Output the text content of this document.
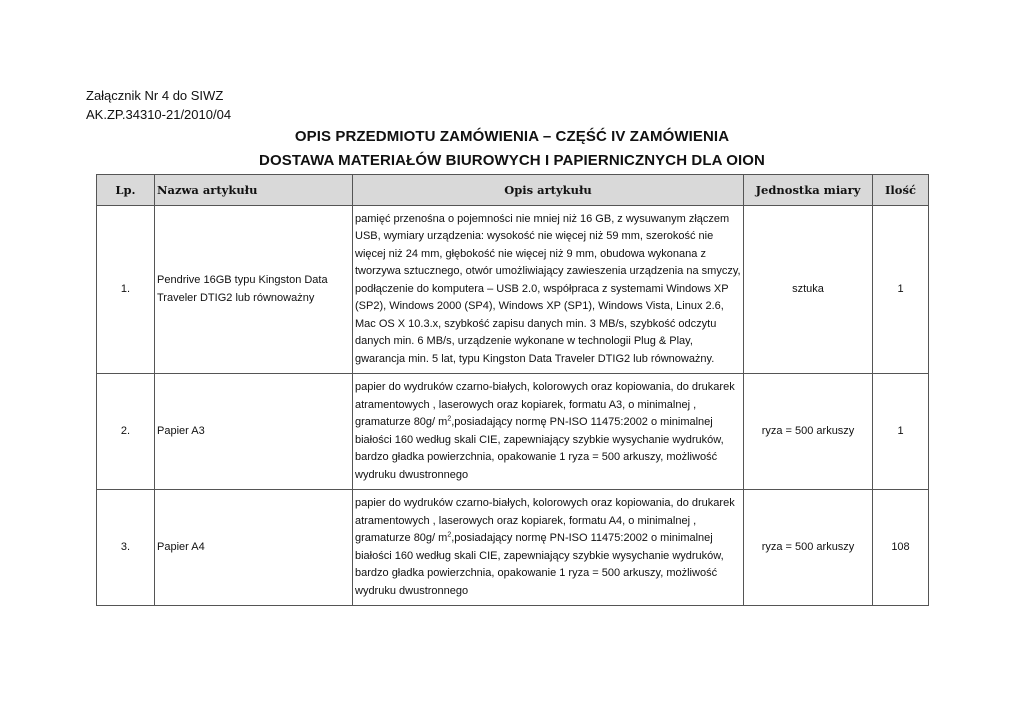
Załącznik Nr 4 do SIWZ
AK.ZP.34310-21/2010/04
OPIS PRZEDMIOTU ZAMÓWIENIA – CZĘŚĆ IV ZAMÓWIENIA
DOSTAWA MATERIAŁÓW BIUROWYCH I PAPIERNICZNYCH DLA OION
Lp.	Nazwa artykułu	Opis artykułu	Jednostka miary	Ilość
1.	Pendrive 16GB typu Kingston Data Traveler DTIG2 lub równoważny	pamięć przenośna o pojemności nie mniej niż 16 GB, z wysuwanym złączem USB, wymiary urządzenia: wysokość nie więcej niż 59 mm, szerokość nie więcej niż 24 mm, głębokość nie więcej niż 9 mm, obudowa wykonana z tworzywa sztucznego, otwór umożliwiający zawieszenia urządzenia na smyczy, podłączenie do komputera – USB 2.0, współpraca z systemami Windows XP (SP2), Windows 2000 (SP4), Windows XP (SP1), Windows Vista, Linux 2.6, Mac OS X 10.3.x, szybkość zapisu danych min. 3 MB/s, szybkość odczytu danych min. 6 MB/s, urządzenie wykonane w technologii Plug & Play, gwarancja min. 5 lat, typu Kingston Data Traveler DTIG2 lub równoważny.	sztuka	1
2.	Papier A3	papier do wydruków czarno-białych, kolorowych oraz kopiowania, do drukarek atramentowych , laserowych oraz kopiarek, formatu A3, o minimalnej , gramaturze 80g/ $m^2,posiadający$ normę PN-ISO 11475:2002 o minimalnej białości 160 według skali CIE, zapewniający szybkie wysychanie wydruków, bardzo gładka powierzchnia, opakowanie 1 ryza = 500 arkuszy, możliwość wydruku dwustronnego	ryza = 500 arkuszy	1
3.	Papier A4	papier do wydruków czarno-białych, kolorowych oraz kopiowania, do drukarek atramentowych , laserowych oraz kopiarek, formatu A4, o minimalnej , gramaturze 80g/ $m^2,posiadający$ normę PN-ISO 11475:2002 o minimalnej białości 160 według skali CIE, zapewniający szybkie wysychanie wydruków, bardzo gładka powierzchnia, opakowanie 1 ryza = 500 arkuszy, możliwość wydruku dwustronnego	ryza = 500 arkuszy	108
